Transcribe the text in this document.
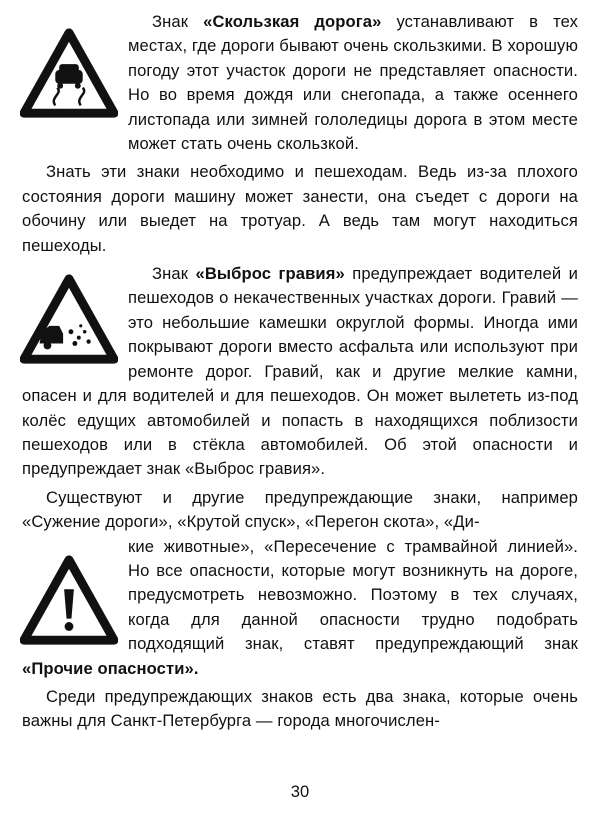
Знак «Скользкая дорога» устанавливают в тех местах, где дороги бывают очень скользкими. В хорошую погоду этот участок дороги не представляет опасности. Но во время дождя или снегопада, а также осеннего листопада или зимней гололедицы дорога в этом месте может стать очень скользкой.

Знать эти знаки необходимо и пешеходам. Ведь из-за плохого состояния дороги машину может занести, она съедет с дороги на обочину или выедет на тротуар. А ведь там могут находиться пешеходы.

Знак «Выброс гравия» предупреждает водителей и пешеходов о некачественных участках дороги. Гравий — это небольшие камешки округлой формы. Иногда ими покрывают дороги вместо асфальта или используют при ремонте дорог. Гравий, как и другие мелкие камни, опасен и для водителей и для пешеходов. Он может вылететь из-под колёс едущих автомобилей и попасть в находящихся поблизости пешеходов или в стёкла автомобилей. Об этой опасности и предупреждает знак «Выброс гравия».

Существуют и другие предупреждающие знаки, например «Сужение дороги», «Крутой спуск», «Перегон скота», «Ди-

кие животные», «Пересечение с трамвайной линией». Но все опасности, которые могут возникнуть на дороге, предусмотреть невозможно. Поэтому в тех случаях, когда для данной опасности трудно подобрать подходящий знак, ставят предупреждающий знак «Прочие опасности».

Среди предупреждающих знаков есть два знака, которые очень важны для Санкт-Петербурга — города многочислен-

30
